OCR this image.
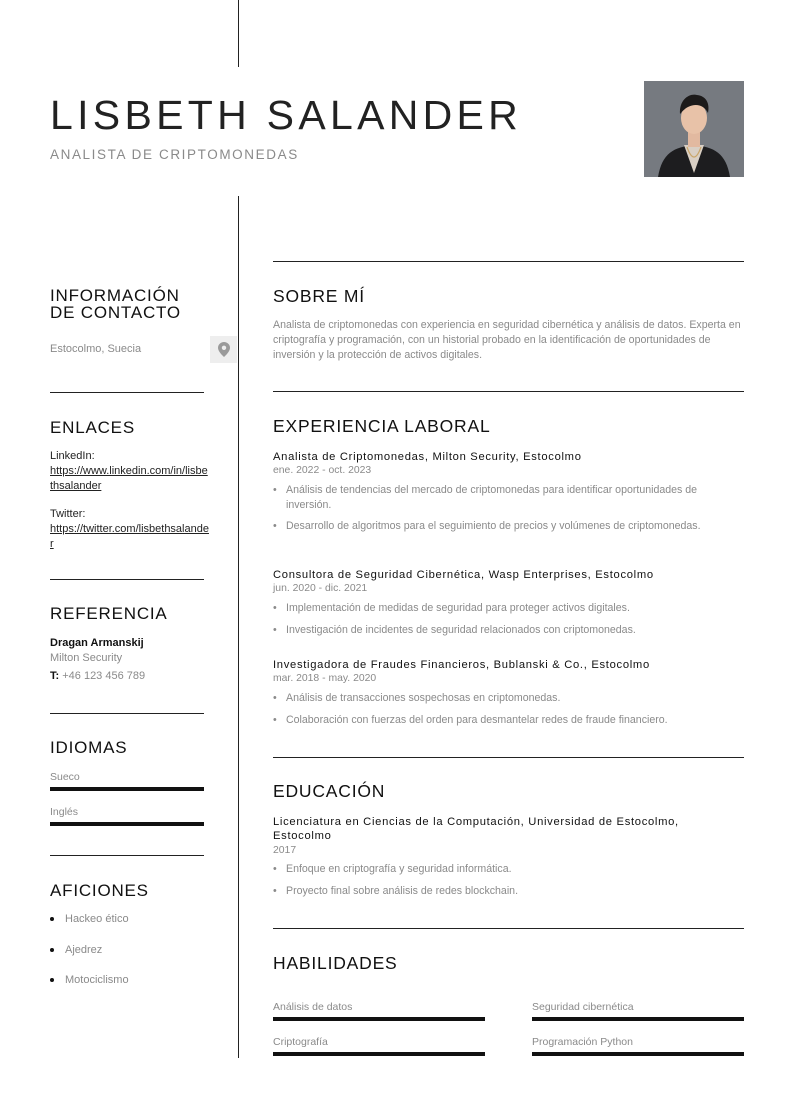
LISBETH SALANDER
ANALISTA DE CRIPTOMONEDAS
INFORMACIÓN
DE CONTACTO
Estocolmo, Suecia
ENLACES
LinkedIn:
https://www.linkedin.com/in/lisbethsalander
Twitter:
https://twitter.com/lisbethsalander
REFERENCIA
Dragan Armanskij
Milton Security
T: +46 123 456 789
IDIOMAS
Sueco
Inglés
AFICIONES
Hackeo ético
Ajedrez
Motociclismo
SOBRE MÍ
Analista de criptomonedas con experiencia en seguridad cibernética y análisis de datos. Experta en criptografía y programación, con un historial probado en la identificación de oportunidades de inversión y la protección de activos digitales.
EXPERIENCIA LABORAL
Analista de Criptomonedas, Milton Security, Estocolmo
ene. 2022 - oct. 2023
• Análisis de tendencias del mercado de criptomonedas para identificar oportunidades de inversión.
• Desarrollo de algoritmos para el seguimiento de precios y volúmenes de criptomonedas.
Consultora de Seguridad Cibernética, Wasp Enterprises, Estocolmo
jun. 2020 - dic. 2021
• Implementación de medidas de seguridad para proteger activos digitales.
• Investigación de incidentes de seguridad relacionados con criptomonedas.
Investigadora de Fraudes Financieros, Bublanski & Co., Estocolmo
mar. 2018 - may. 2020
• Análisis de transacciones sospechosas en criptomonedas.
• Colaboración con fuerzas del orden para desmantelar redes de fraude financiero.
EDUCACIÓN
Licenciatura en Ciencias de la Computación, Universidad de Estocolmo,
Estocolmo
2017
• Enfoque en criptografía y seguridad informática.
• Proyecto final sobre análisis de redes blockchain.
HABILIDADES
Análisis de datos	Seguridad cibernética
Criptografía	Programación Python
